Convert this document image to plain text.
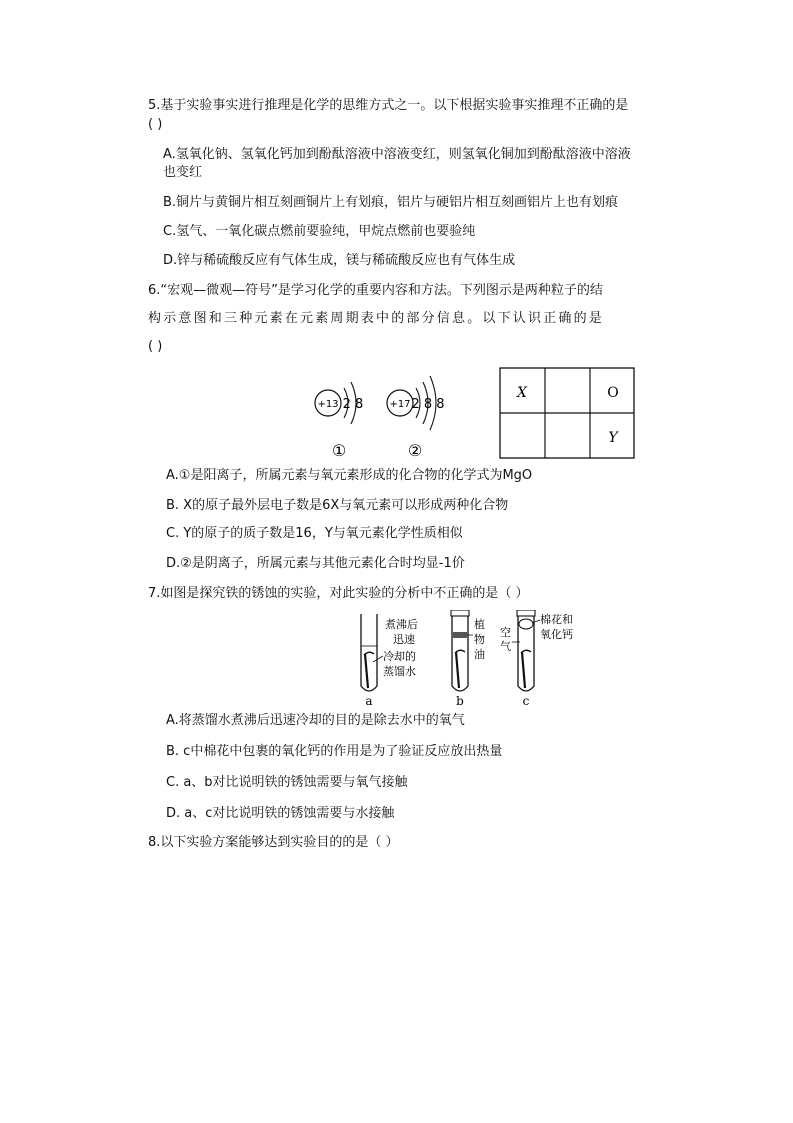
5.基于实验事实进行推理是化学的思维方式之一。以下根据实验事实推理不正确的是
( )
A.氢氧化钠、氢氧化钙加到酚酞溶液中溶液变红，则氢氧化铜加到酚酞溶液中溶液
也变红
B.铜片与黄铜片相互刻画铜片上有划痕，铝片与硬铝片相互刻画铝片上也有划痕
C.氢气、一氧化碳点燃前要验纯，甲烷点燃前也要验纯
D.锌与稀硫酸反应有气体生成，镁与稀硫酸反应也有气体生成
6.“宏观—微观—符号”是学习化学的重要内容和方法。下列图示是两种粒子的结
构示意图和三种元素在元素周期表中的部分信息。以下认识正确的是
( )
+13 2 8
①
+17 2 8 8
②
X	O
Y
A.①是阳离子，所属元素与氧元素形成的化合物的化学式为MgO
B. X的原子最外层电子数是6X与氧元素可以形成两种化合物
C. Y的原子的质子数是16，Y与氧元素化学性质相似
D.②是阴离子，所属元素与其他元素化合时均显-1价
7.如图是探究铁的锈蚀的实验，对此实验的分析中不正确的是（ ）
a
煮沸后
迅速
冷却的
蒸馏水
b
植
物
油
c
空
气
棉花和
氧化钙
A.将蒸馏水煮沸后迅速冷却的目的是除去水中的氧气
B. c中棉花中包裹的氧化钙的作用是为了验证反应放出热量
C. a、b对比说明铁的锈蚀需要与氧气接触
D. a、c对比说明铁的锈蚀需要与水接触
8.以下实验方案能够达到实验目的的是（ ）
